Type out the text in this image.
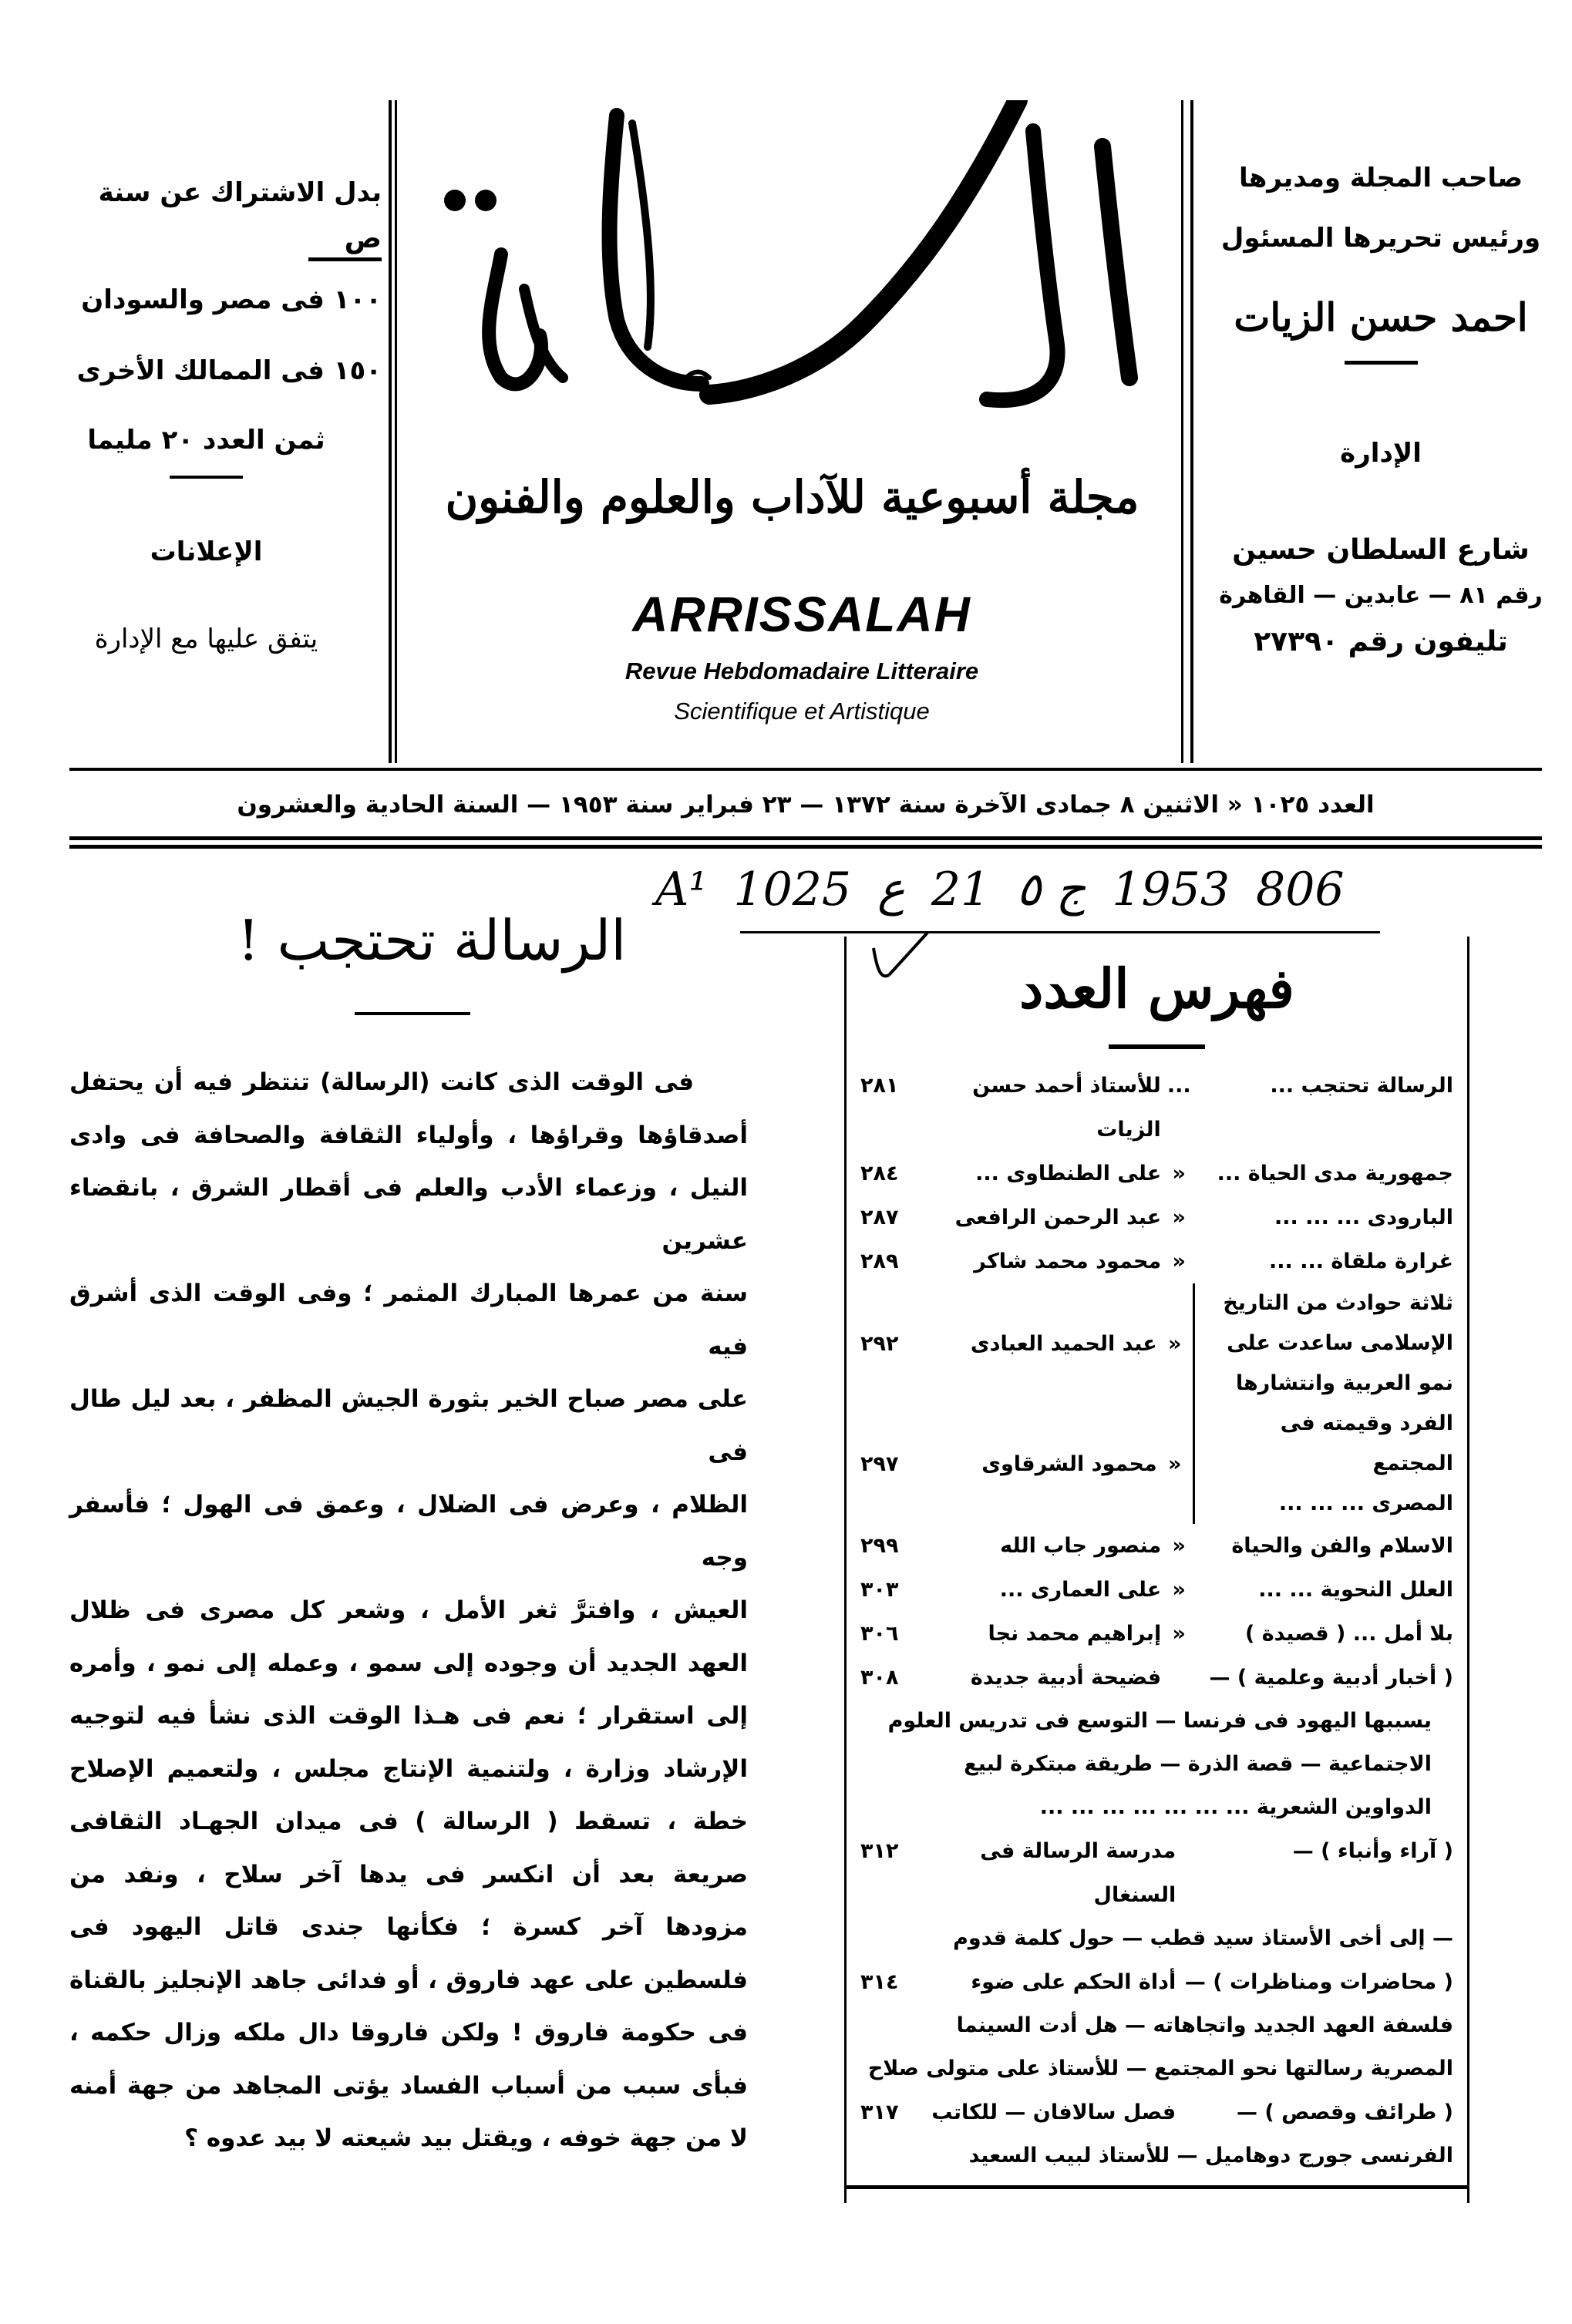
صاحب المجلة ومديرها
ورئيس تحريرها المسئول
احمد حسن الزيات
الإدارة
شارع السلطان حسين
رقم ٨١ — عابدين — القاهرة
تليفون رقم ٢٧٣٩٠
بدل الاشتراك عن سنة
ص
١٠٠ فى مصر والسودان
١٥٠ فى الممالك الأخرى
ثمن العدد ٢٠ مليما
الإعلانات
يتفق عليها مع الإدارة
مجلة أسبوعية للآداب والعلوم والفنون
ARRISSALAH
Revue Hebdomadaire Litteraire
Scientifique et Artistique
العدد ١٠٢٥ « الاثنين ٨ جمادى الآخرة سنة ١٣٧٢ — ٢٣ فبراير سنة ١٩٥٣ — السنة الحادية والعشرون
A¹ 1025 ع 21 ج ٥ 1953 806
فهرس العدد
الرسالة تحتجب ...
...
للأستاذ أحمد حسن الزيات
٢٨١
جمهورية مدى الحياة ...
«
على الطنطاوى ...
٢٨٤
البارودى ... ... ...
«
عبد الرحمن الرافعى
٢٨٧
غرارة ملقاة ... ...
«
محمود محمد شاكر
٢٨٩
ثلاثة حوادث من التاريخ
الإسلامى ساعدت على
نمو العربية وانتشارها
«
عبد الحميد العبادى
٢٩٢
الفرد وقيمته فى المجتمع
المصرى ... ... ...
«
محمود الشرقاوى
٢٩٧
الاسلام والفن والحياة
«
منصور جاب الله
٢٩٩
العلل النحوية ... ...
«
على العمارى ...
٣٠٣
بلا أمل ... ( قصيدة )
«
إبراهيم محمد نجا
٣٠٦
( أخبار أدبية وعلمية ) —
فضيحة أدبية جديدة
٣٠٨
يسببها اليهود فى فرنسا — التوسع فى تدريس العلوم
الاجتماعية — قصة الذرة — طريقة مبتكرة لبيع
الدواوين الشعرية ... ... ... ... ... ... ...
( آراء وأنباء ) —
مدرسة الرسالة فى السنغال
٣١٢
— إلى أخى الأستاذ سيد قطب — حول كلمة قدوم
( محاضرات ومناظرات ) —
أداة الحكم على ضوء
٣١٤
فلسفة العهد الجديد واتجاهاته — هل أدت السينما
المصرية رسالتها نحو المجتمع — للأستاذ على متولى صلاح
( طرائف وقصص ) —
فصل سالافان — للكاتب
٣١٧
الفرنسى جورج دوهاميل — للأستاذ لبيب السعيد
الرسالة تحتجب !
فى الوقت الذى كانت (الرسالة) تنتظر فيه أن يحتفل
أصدقاؤها وقراؤها ، وأولياء الثقافة والصحافة فى وادى
النيل ، وزعماء الأدب والعلم فى أقطار الشرق ، بانقضاء عشرين
سنة من عمرها المبارك المثمر ؛ وفى الوقت الذى أشرق فيه
على مصر صباح الخير بثورة الجيش المظفر ، بعد ليل طال فى
الظلام ، وعرض فى الضلال ، وعمق فى الهول ؛ فأسفر وجه
العيش ، وافترَّ ثغر الأمل ، وشعر كل مصرى فى ظلال
العهد الجديد أن وجوده إلى سمو ، وعمله إلى نمو ، وأمره
إلى استقرار ؛ نعم فى هـذا الوقت الذى نشأ فيه لتوجيه
الإرشاد وزارة ، ولتنمية الإنتاج مجلس ، ولتعميم الإصلاح
خطة ، تسقط ( الرسالة ) فى ميدان الجهـاد الثقافى
صريعة بعد أن انكسر فى يدها آخر سلاح ، ونفد من
مزودها آخر كسرة ؛ فكأنها جندى قاتل اليهود فى
فلسطين على عهد فاروق ، أو فدائى جاهد الإنجليز بالقناة
فى حكومة فاروق ! ولكن فاروقا دال ملكه وزال حكمه ،
فبأى سبب من أسباب الفساد يؤتى المجاهد من جهة أمنه
لا من جهة خوفه ، ويقتل بيد شيعته لا بيد عدوه ؟
